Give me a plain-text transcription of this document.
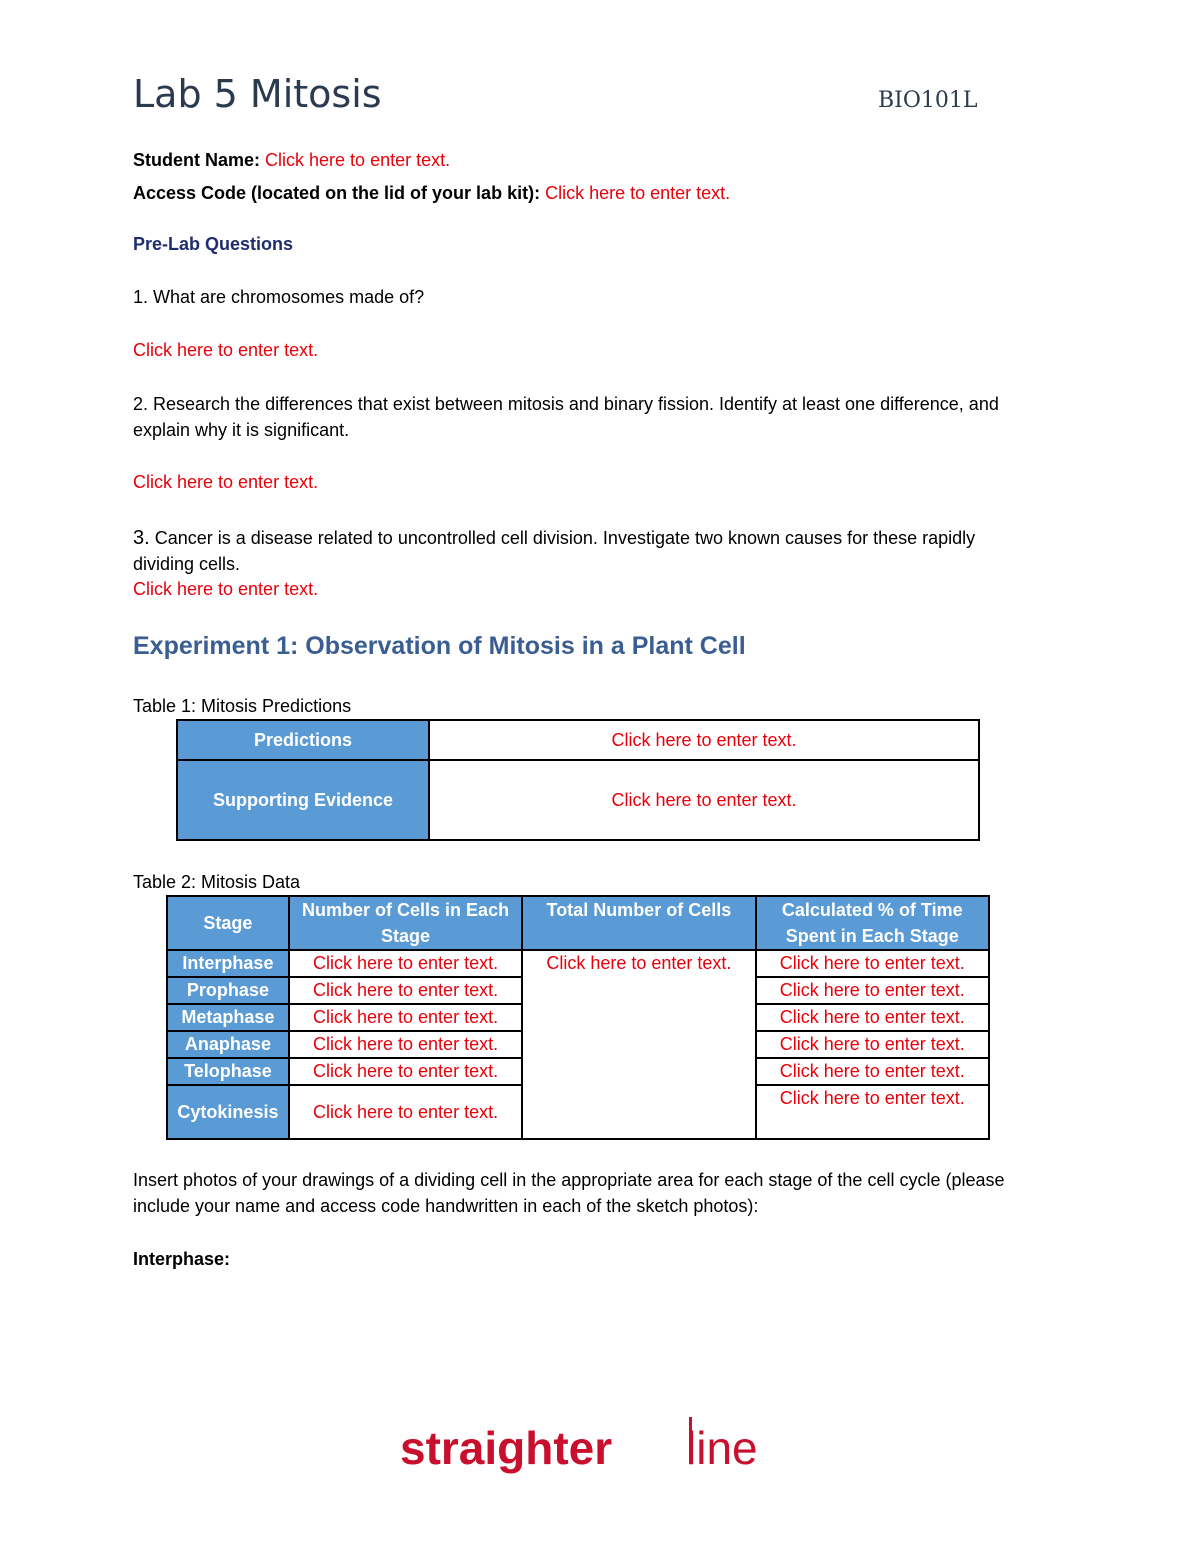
Lab 5 Mitosis	BIO101L
Student Name: Click here to enter text.
Access Code (located on the lid of your lab kit): Click here to enter text.
Pre-Lab Questions
1. What are chromosomes made of?
Click here to enter text.
2. Research the differences that exist between mitosis and binary fission. Identify at least one difference, and explain why it is significant.
Click here to enter text.
3. Cancer is a disease related to uncontrolled cell division. Investigate two known causes for these rapidly dividing cells.
Click here to enter text.
Experiment 1: Observation of Mitosis in a Plant Cell
Table 1: Mitosis Predictions
Predictions	Click here to enter text.
Supporting Evidence	Click here to enter text.
Table 2: Mitosis Data
Stage	Number of Cells in Each Stage	Total Number of Cells	Calculated % of Time Spent in Each Stage
Interphase	Click here to enter text.	Click here to enter text.	Click here to enter text.
Prophase	Click here to enter text.		Click here to enter text.
Metaphase	Click here to enter text.		Click here to enter text.
Anaphase	Click here to enter text.		Click here to enter text.
Telophase	Click here to enter text.		Click here to enter text.
Cytokinesis	Click here to enter text.		Click here to enter text.
Insert photos of your drawings of a dividing cell in the appropriate area for each stage of the cell cycle (please include your name and access code handwritten in each of the sketch photos):
Interphase:
straighter line
